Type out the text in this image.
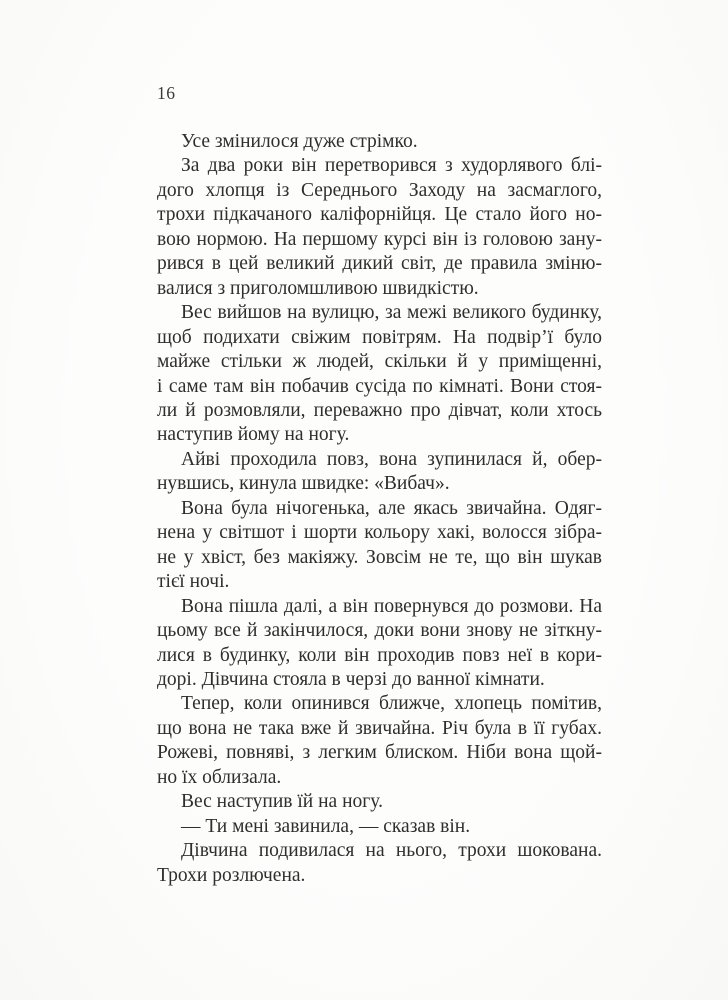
16
Усе змінилося дуже стрімко.
За два роки він перетворився з худорлявого блі-
дого хлопця із Середнього Заходу на засмаглого,
трохи підкачаного каліфорнійця. Це стало його но-
вою нормою. На першому курсі він із головою зану-
рився в цей великий дикий світ, де правила зміню-
валися з приголомшливою швидкістю.
Вес вийшов на вулицю, за межі великого будинку,
щоб подихати свіжим повітрям. На подвір’ї було
майже стільки ж людей, скільки й у приміщенні,
і саме там він побачив сусіда по кімнаті. Вони стоя-
ли й розмовляли, переважно про дівчат, коли хтось
наступив йому на ногу.
Айві проходила повз, вона зупинилася й, обер-
нувшись, кинула швидке: «Вибач».
Вона була нічогенька, але якась звичайна. Одяг-
нена у світшот і шорти кольору хакі, волосся зібра-
не у хвіст, без макіяжу. Зовсім не те, що він шукав
тієї ночі.
Вона пішла далі, а він повернувся до розмови. На
цьому все й закінчилося, доки вони знову не зіткну-
лися в будинку, коли він проходив повз неї в кори-
дорі. Дівчина стояла в черзі до ванної кімнати.
Тепер, коли опинився ближче, хлопець помітив,
що вона не така вже й звичайна. Річ була в її губах.
Рожеві, повняві, з легким блиском. Ніби вона щой-
но їх облизала.
Вес наступив їй на ногу.
— Ти мені завинила, — сказав він.
Дівчина подивилася на нього, трохи шокована.
Трохи розлючена.
